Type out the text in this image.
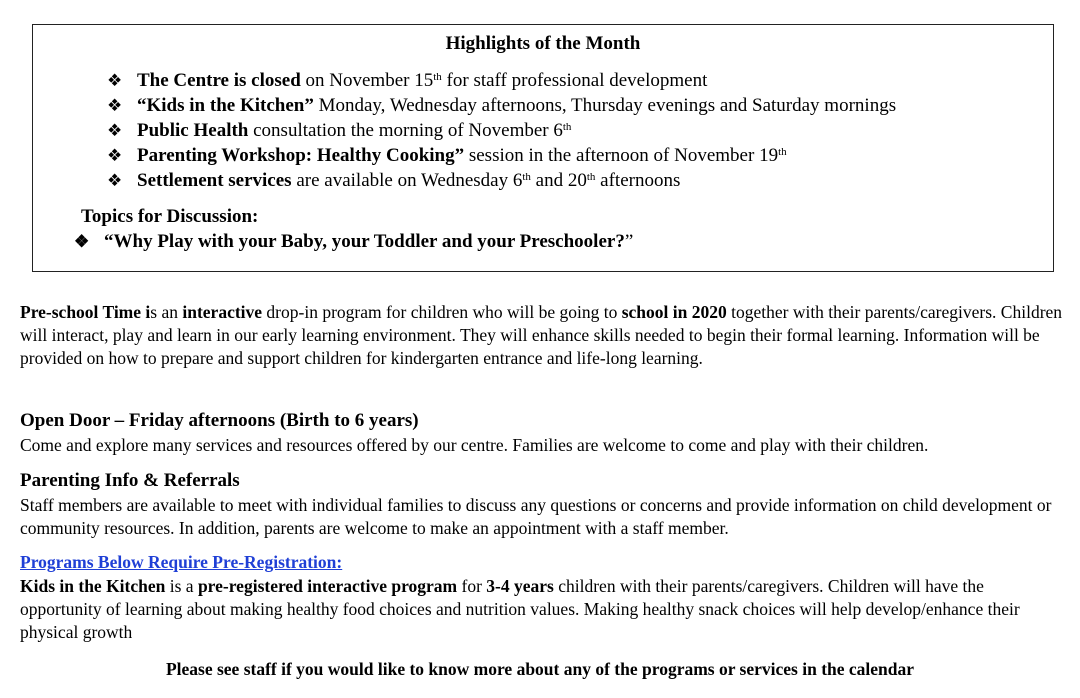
Highlights of the Month
❖ The Centre is closed on November 15th for staff professional development
❖ “Kids in the Kitchen” Monday, Wednesday afternoons, Thursday evenings and Saturday mornings
❖ Public Health consultation the morning of November 6th
❖ Parenting Workshop: Healthy Cooking” session in the afternoon of November 19th
❖ Settlement services are available on Wednesday 6th and 20th afternoons
Topics for Discussion:
❖ “Why Play with your Baby, your Toddler and your Preschooler?”
Pre-school Time is an interactive drop-in program for children who will be going to school in 2020 together with their parents/caregivers. Children will interact, play and learn in our early learning environment. They will enhance skills needed to begin their formal learning. Information will be provided on how to prepare and support children for kindergarten entrance and life-long learning.
Open Door – Friday afternoons (Birth to 6 years)
Come and explore many services and resources offered by our centre. Families are welcome to come and play with their children.
Parenting Info & Referrals
Staff members are available to meet with individual families to discuss any questions or concerns and provide information on child development or community resources. In addition, parents are welcome to make an appointment with a staff member.
Programs Below Require Pre-Registration:
Kids in the Kitchen is a pre-registered interactive program for 3-4 years children with their parents/caregivers. Children will have the opportunity of learning about making healthy food choices and nutrition values. Making healthy snack choices will help develop/enhance their physical growth
Please see staff if you would like to know more about any of the programs or services in the calendar
